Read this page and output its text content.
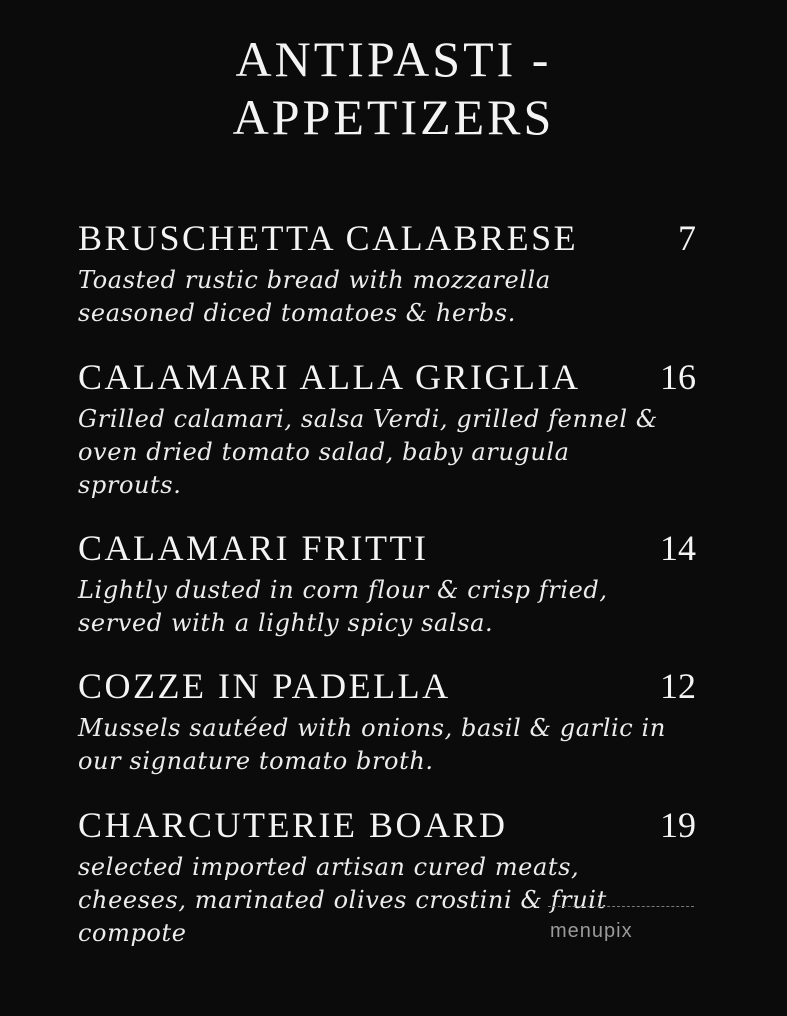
ANTIPASTI -
APPETIZERS
BRUSCHETTA CALABRESE	7
Toasted rustic bread with mozzarella
seasoned diced tomatoes & herbs.
CALAMARI ALLA GRIGLIA 16
Grilled calamari, salsa Verdi, grilled fennel &
oven dried tomato salad, baby arugula
sprouts.
CALAMARI FRITTI	14
Lightly dusted in corn flour & crisp fried,
served with a lightly spicy salsa.
COZZE IN PADELLA	12
Mussels sautéed with onions, basil & garlic in
our signature tomato broth.
CHARCUTERIE BOARD	19
selected imported artisan cured meats,
cheeses, marinated olives crostini & fruit
compote	menupix
